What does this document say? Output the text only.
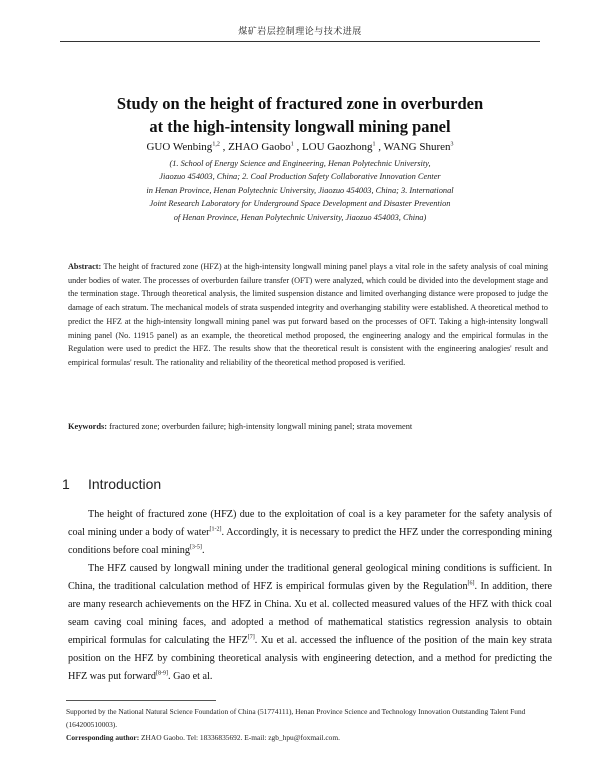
煤矿岩层控制理论与技术进展
Study on the height of fractured zone in overburden
at the high-intensity longwall mining panel
GUO Wenbing$^{1,2}$ , ZHAO Gaobo$^1$ , LOU Gaozhong$^1$ , WANG Shuren$^3$
(1. School of Energy Science and Engineering, Henan Polytechnic University,
Jiaozuo 454003, China; 2. Coal Production Safety Collaborative Innovation Center
in Henan Province, Henan Polytechnic University, Jiaozuo 454003, China; 3. International
Joint Research Laboratory for Underground Space Development and Disaster Prevention
of Henan Province, Henan Polytechnic University, Jiaozuo 454003, China)
Abstract: The height of fractured zone (HFZ) at the high-intensity longwall mining panel plays a vital role in the safety analysis of coal mining under bodies of water. The processes of overburden failure transfer (OFT) were analyzed, which could be divided into the development stage and the termination stage. Through theoretical analysis, the limited suspension distance and limited overhanging distance were proposed to judge the damage of each stratum. The mechanical models of strata suspended integrity and overhanging stability were established. A theoretical method to predict the HFZ at the high-intensity longwall mining panel was put forward based on the processes of OFT. Taking a high-intensity longwall mining panel (No. 11915 panel) as an example, the theoretical method proposed, the engineering analogy and the empirical formulas in the Regulation were used to predict the HFZ. The results show that the theoretical result is consistent with the engineering analogies' result and empirical formulas' result. The rationality and reliability of the theoretical method proposed is verified.
Keywords: fractured zone; overburden failure; high-intensity longwall mining panel; strata movement
1 Introduction

The height of fractured zone (HFZ) due to the exploitation of coal is a key parameter for the safety analysis of coal mining under a body of water[1-2]. Accordingly, it is necessary to predict the HFZ under the corresponding mining conditions before coal mining[3-5].

The HFZ caused by longwall mining under the traditional general geological mining conditions is sufficient. In China, the traditional calculation method of HFZ is empirical formulas given by the Regulation[6]. In addition, there are many research achievements on the HFZ in China. Xu et al. collected measured values of the HFZ with thick coal seam caving coal mining faces, and adopted a method of mathematical statistics regression analysis to obtain empirical formulas for calculating the HFZ[7]. Xu et al. accessed the influence of the position of the main key strata position on the HFZ by combining theoretical analysis with engineering detection, and a method for predicting the HFZ was put forward[8-9]. Gao et al.

Supported by the National Natural Science Foundation of China (51774111), Henan Province Science and Technology Innovation Outstanding Talent Fund (164200510003).

Corresponding author: ZHAO Gaobo. Tel: 18336835692. E-mail: zgb_hpu@foxmail.com.
